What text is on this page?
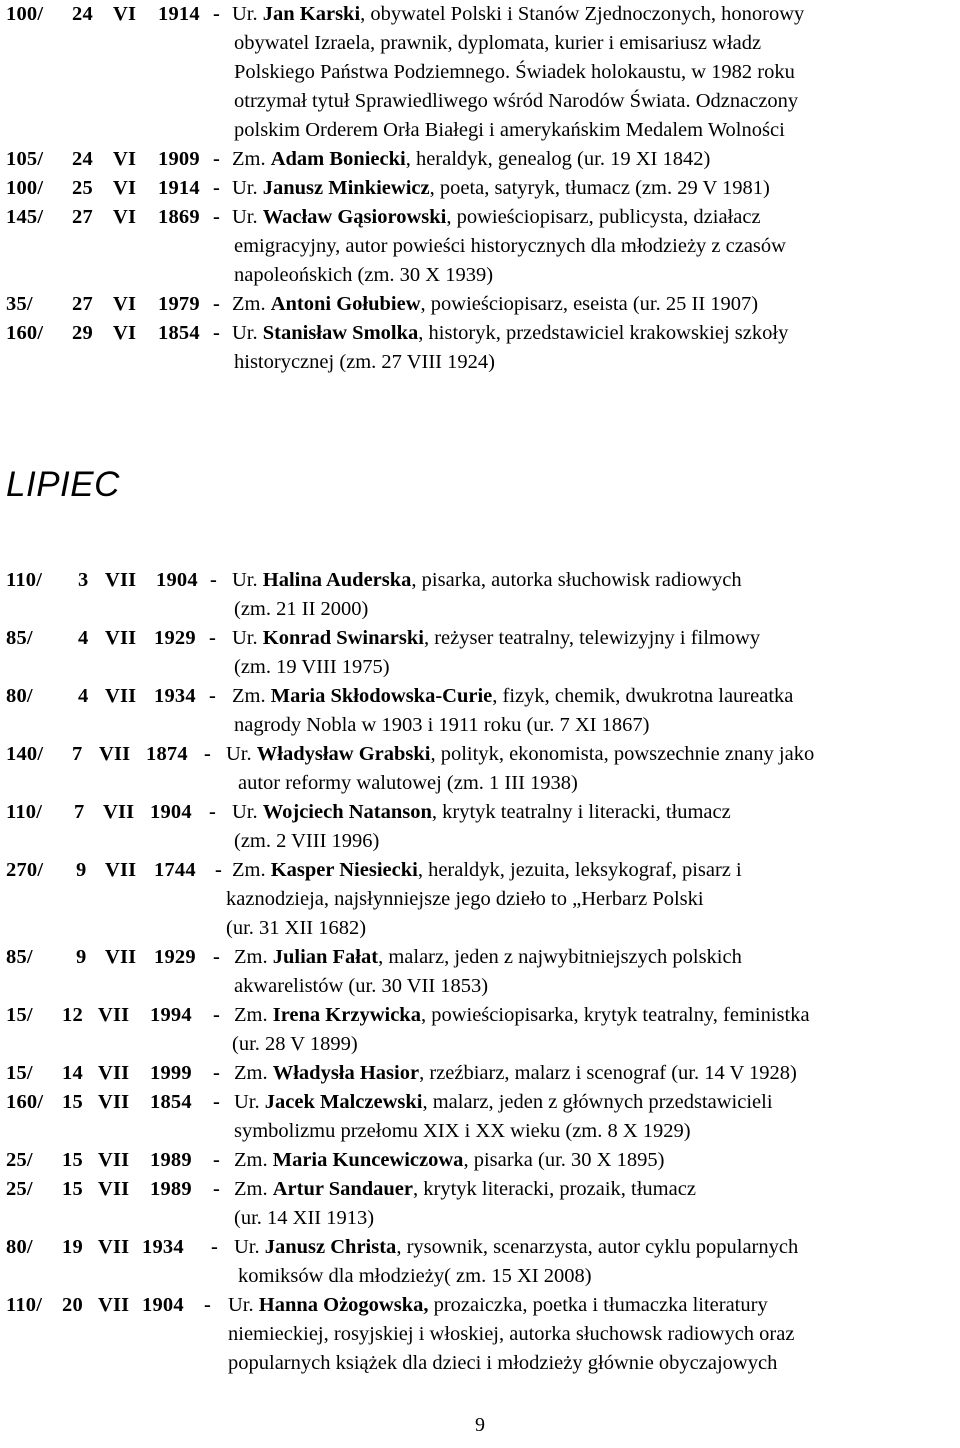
100/ 24 VI 1914 - Ur. Jan Karski, obywatel Polski i Stanów Zjednoczonych, honorowy
obywatel Izraela, prawnik, dyplomata, kurier i emisariusz władz
Polskiego Państwa Podziemnego. Świadek holokaustu, w 1982 roku
otrzymał tytuł Sprawiedliwego wśród Narodów Świata. Odznaczony
polskim Orderem Orła Białegi i amerykańskim Medalem Wolności
105/ 24 VI 1909 - Zm. Adam Boniecki, heraldyk, genealog (ur. 19 XI 1842)
100/ 25 VI 1914 - Ur. Janusz Minkiewicz, poeta, satyryk, tłumacz (zm. 29 V 1981)
145/ 27 VI 1869 - Ur. Wacław Gąsiorowski, powieściopisarz, publicysta, działacz
emigracyjny, autor powieści historycznych dla młodzieży z czasów
napoleońskich (zm. 30 X 1939)
35/ 27 VI 1979 - Zm. Antoni Gołubiew, powieściopisarz, eseista (ur. 25 II 1907)
160/ 29 VI 1854 - Ur. Stanisław Smolka, historyk, przedstawiciel krakowskiej szkoły
historycznej (zm. 27 VIII 1924)
LIPIEC
110/ 3 VII 1904 - Ur. Halina Auderska, pisarka, autorka słuchowisk radiowych
(zm. 21 II 2000)
85/ 4 VII 1929 - Ur. Konrad Swinarski, reżyser teatralny, telewizyjny i filmowy
(zm. 19 VIII 1975)
80/ 4 VII 1934 - Zm. Maria Skłodowska-Curie, fizyk, chemik, dwukrotna laureatka
nagrody Nobla w 1903 i 1911 roku (ur. 7 XI 1867)
140/ 7 VII 1874 - Ur. Władysław Grabski, polityk, ekonomista, powszechnie znany jako
autor reformy walutowej (zm. 1 III 1938)
110/ 7 VII 1904 - Ur. Wojciech Natanson, krytyk teatralny i literacki, tłumacz
(zm. 2 VIII 1996)
270/ 9 VII 1744 - Zm. Kasper Niesiecki, heraldyk, jezuita, leksykograf, pisarz i
kaznodzieja, najsłynniejsze jego dzieło to „Herbarz Polski
(ur. 31 XII 1682)
85/ 9 VII 1929 - Zm. Julian Fałat, malarz, jeden z najwybitniejszych polskich
akwarelistów (ur. 30 VII 1853)
15/ 12 VII 1994 - Zm. Irena Krzywicka, powieściopisarka, krytyk teatralny, feministka
(ur. 28 V 1899)
15/ 14 VII 1999 - Zm. Władysła Hasior, rzeźbiarz, malarz i scenograf (ur. 14 V 1928)
160/ 15 VII 1854 - Ur. Jacek Malczewski, malarz, jeden z głównych przedstawicieli
symbolizmu przełomu XIX i XX wieku (zm. 8 X 1929)
25/ 15 VII 1989 - Zm. Maria Kuncewiczowa, pisarka (ur. 30 X 1895)
25/ 15 VII 1989 - Zm. Artur Sandauer, krytyk literacki, prozaik, tłumacz
(ur. 14 XII 1913)
80/ 19 VII 1934 - Ur. Janusz Christa, rysownik, scenarzysta, autor cyklu popularnych
komiksów dla młodzieży( zm. 15 XI 2008)
110/ 20 VII 1904 - Ur. Hanna Ożogowska, prozaiczka, poetka i tłumaczka literatury
niemieckiej, rosyjskiej i włoskiej, autorka słuchowsk radiowych oraz
popularnych książek dla dzieci i młodzieży głównie obyczajowych
9
